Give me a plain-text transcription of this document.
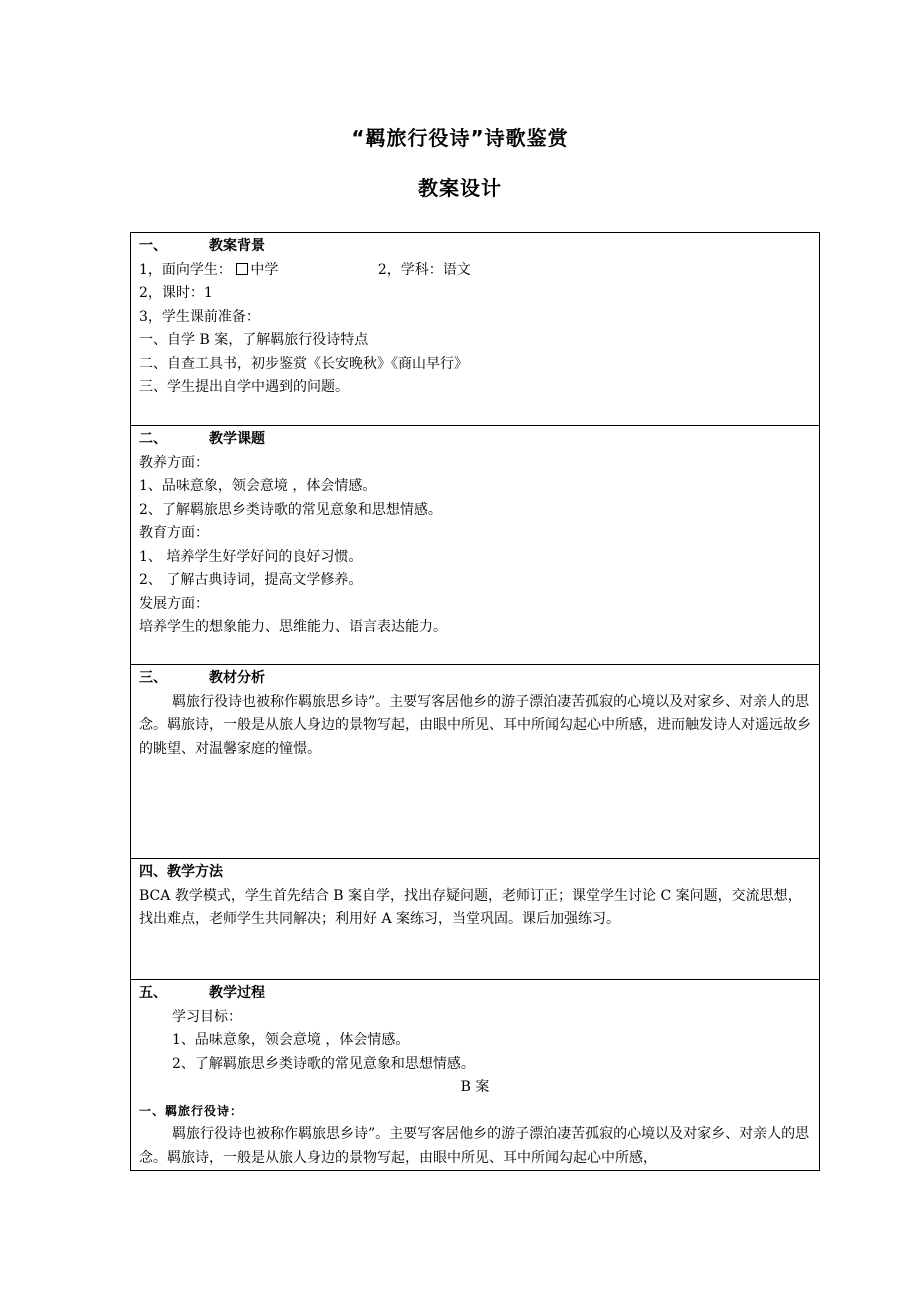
“羁旅行役诗”诗歌鉴赏
教案设计
一、	教案背景
1，面向学生： 中学	2，学科：语文
2，课时：1
3，学生课前准备：
一、自学 B 案，了解羁旅行役诗特点
二、自查工具书，初步鉴赏《长安晚秋》《商山早行》
三、学生提出自学中遇到的问题。

二、	教学课题
教养方面：
1、品味意象，领会意境 ，体会情感。
2、了解羁旅思乡类诗歌的常见意象和思想情感。
教育方面：
1、 培养学生好学好问的良好习惯。
2、 了解古典诗词，提高文学修养。
发展方面：
培养学生的想象能力、思维能力、语言表达能力。

三、	教材分析
羁旅行役诗也被称作羁旅思乡诗”。主要写客居他乡的游子漂泊凄苦孤寂的心境以及对家乡、对亲人的思念。羁旅诗，一般是从旅人身边的景物写起，由眼中所见、耳中所闻勾起心中所感，进而触发诗人对遥远故乡的眺望、对温馨家庭的憧憬。

四、教学方法
BCA 教学模式，学生首先结合 B 案自学，找出存疑问题，老师订正；课堂学生讨论 C 案问题，交流思想，找出难点，老师学生共同解决；利用好 A 案练习，当堂巩固。课后加强练习。

五、	教学过程
学习目标：
1、品味意象，领会意境 ，体会情感。
2、了解羁旅思乡类诗歌的常见意象和思想情感。
B 案
一、羁旅行役诗：
羁旅行役诗也被称作羁旅思乡诗”。主要写客居他乡的游子漂泊凄苦孤寂的心境以及对家乡、对亲人的思念。羁旅诗，一般是从旅人身边的景物写起，由眼中所见、耳中所闻勾起心中所感，
